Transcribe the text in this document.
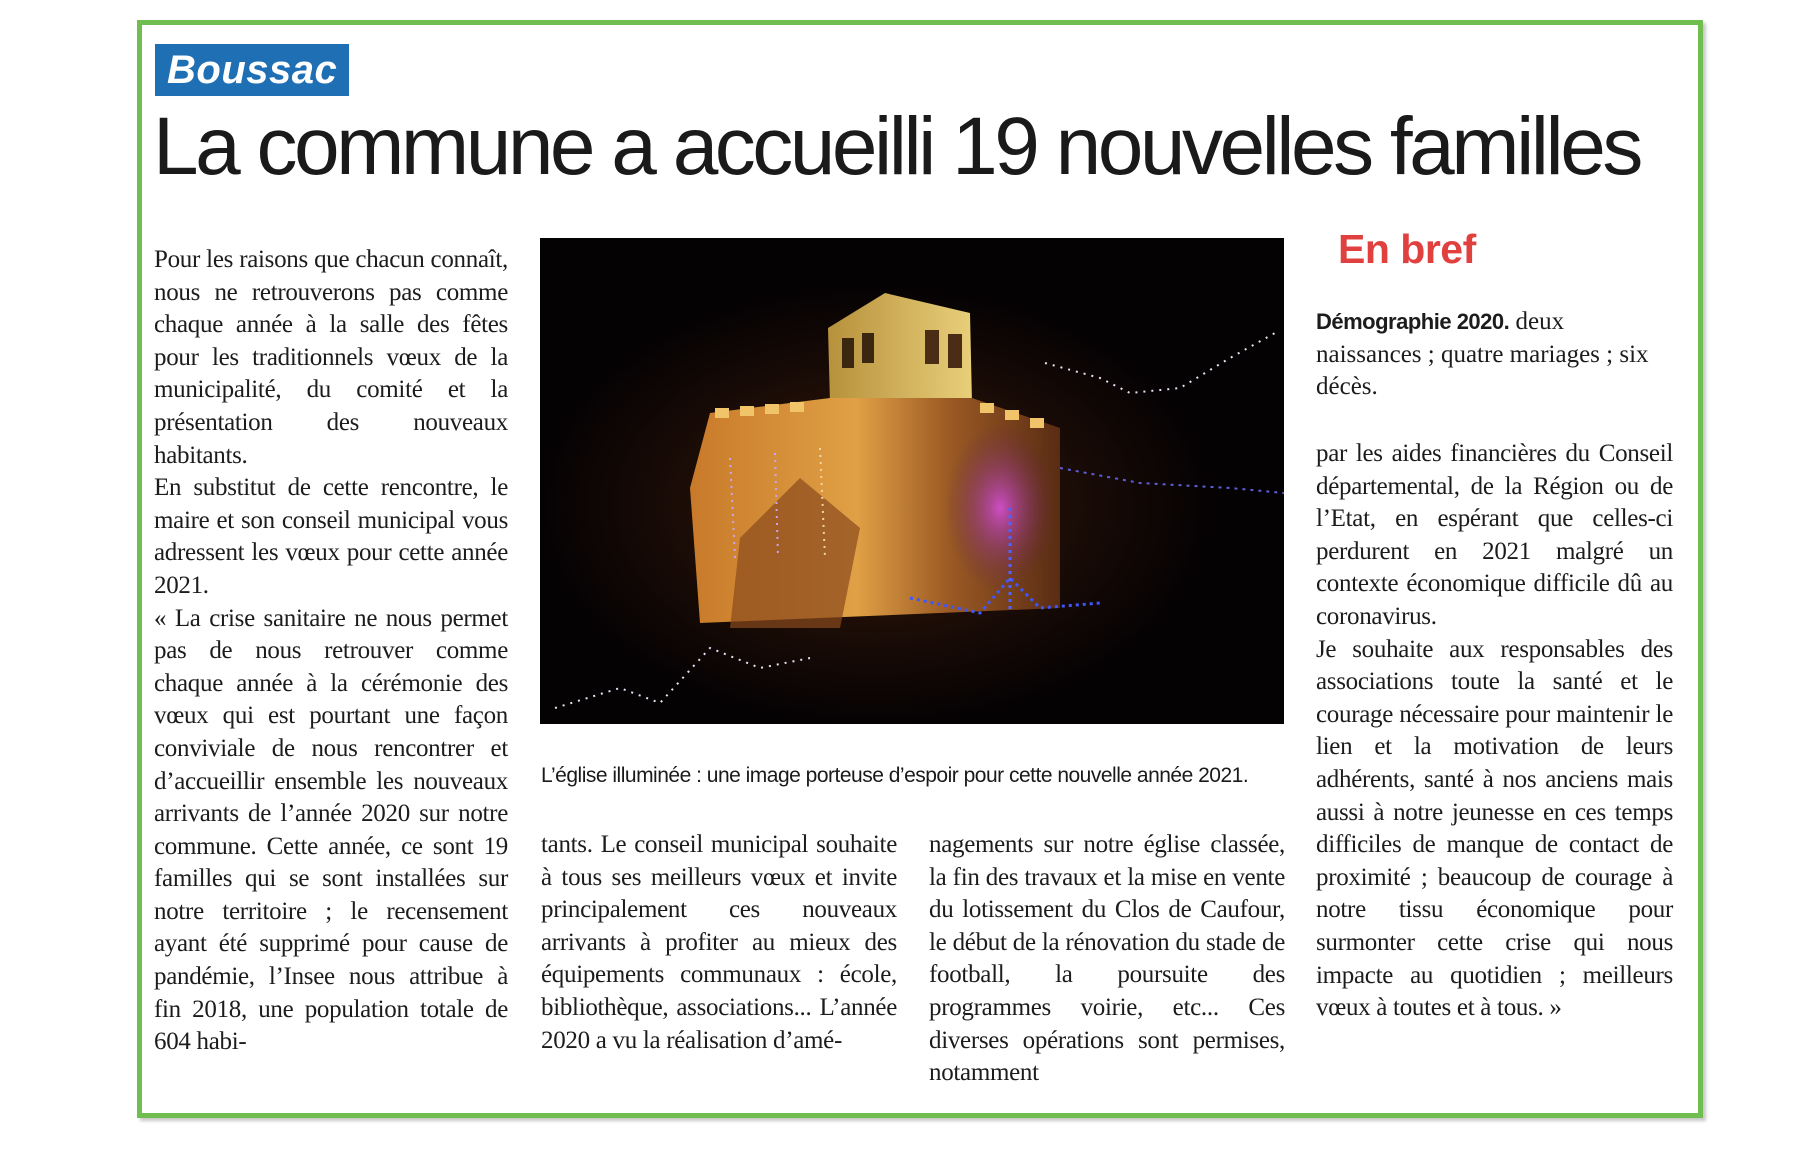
Boussac
La commune a accueilli 19 nouvelles familles

Pour les raisons que chacun connaît, nous ne retrouverons pas comme chaque année à la salle des fêtes pour les traditionnels vœux de la municipalité, du comité et la présentation des nouveaux habitants.

En substitut de cette rencontre, le maire et son conseil municipal vous adressent les vœux pour cette année 2021.

« La crise sanitaire ne nous permet pas de nous retrouver comme chaque année à la cérémonie des vœux qui est pourtant une façon conviviale de nous rencontrer et d’accueillir ensemble les nouveaux arrivants de l’année 2020 sur notre commune. Cette année, ce sont 19 familles qui se sont installées sur notre territoire ; le recensement ayant été supprimé pour cause de pandémie, l’Insee nous attribue à fin 2018, une population totale de 604 habi-

L’église illuminée : une image porteuse d’espoir pour cette nouvelle année 2021.

tants. Le conseil municipal souhaite à tous ses meilleurs vœux et invite principalement ces nouveaux arrivants à profiter au mieux des équipements communaux : école, bibliothèque, associations... L’année 2020 a vu la réalisation d’amé-

nagements sur notre église classée, la fin des travaux et la mise en vente du lotissement du Clos de Caufour, le début de la rénovation du stade de football, la poursuite des programmes voirie, etc... Ces diverses opérations sont permises, notamment

En bref

Démographie 2020. deux naissances ; quatre mariages ; six décès.

par les aides financières du Conseil départemental, de la Région ou de l’Etat, en espérant que celles-ci perdurent en 2021 malgré un contexte économique difficile dû au coronavirus.

Je souhaite aux responsables des associations toute la santé et le courage nécessaire pour maintenir le lien et la motivation de leurs adhérents, santé à nos anciens mais aussi à notre jeunesse en ces temps difficiles de manque de contact de proximité ; beaucoup de courage à notre tissu économique pour surmonter cette crise qui nous impacte au quotidien ; meilleurs vœux à toutes et à tous. »
